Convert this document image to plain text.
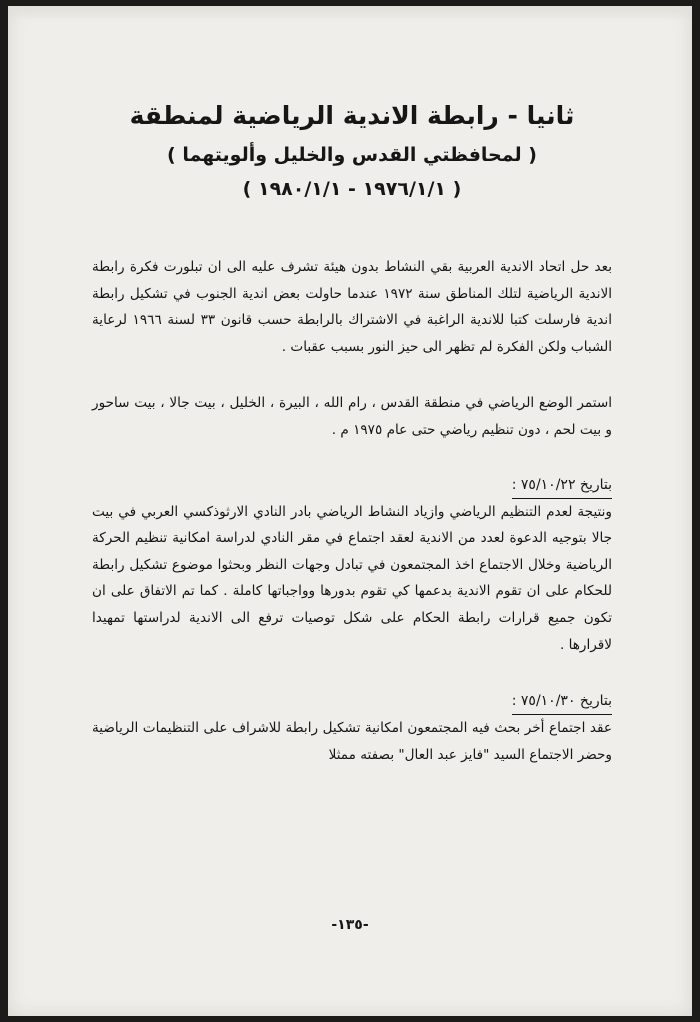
ثانيا - رابطة الاندية الرياضية لمنطقة
( لمحافظتي القدس والخليل وألويتهما )
( ١٩٧٦/١/١ - ١٩٨٠/١/١ )

بعد حل اتحاد الاندية العربية بقي النشاط بدون هيئة تشرف عليه الى ان تبلورت فكرة رابطة الاندية الرياضية لتلك المناطق سنة ١٩٧٢ عندما حاولت بعض اندية الجنوب في تشكيل رابطة اندية فارسلت كتبا للاندية الراغبة في الاشتراك بالرابطة حسب قانون ٣٣ لسنة ١٩٦٦ لرعاية الشباب ولكن الفكرة لم تظهر الى حيز النور بسبب عقبات .

استمر الوضع الرياضي في منطقة القدس ، رام الله ، البيرة ، الخليل ، بيت جالا ، بيت ساحور و بيت لحم ، دون تنظيم رياضي حتى عام ١٩٧٥ م .

بتاريخ ٧٥/١٠/٢٢ :

ونتيجة لعدم التنظيم الرياضي وازياد النشاط الرياضي بادر النادي الارثوذكسي العربي في بيت جالا بتوجيه الدعوة لعدد من الاندية لعقد اجتماع في مقر النادي لدراسة امكانية تنظيم الحركة الرياضية وخلال الاجتماع اخذ المجتمعون في تبادل وجهات النظر وبحثوا موضوع تشكيل رابطة للحكام على ان تقوم الاندية بدعمها كي تقوم بدورها وواجباتها كاملة . كما تم الاتفاق على ان تكون جميع قرارات رابطة الحكام على شكل توصيات ترفع الى الاندية لدراستها تمهيدا لاقرارها .

بتاريخ ٧٥/١٠/٣٠ :

عقد اجتماع أخر بحث فيه المجتمعون امكانية تشكيل رابطة للاشراف على التنظيمات الرياضية وحضر الاجتماع السيد "فايز عبد العال" بصفته ممثلا

-١٣٥-
